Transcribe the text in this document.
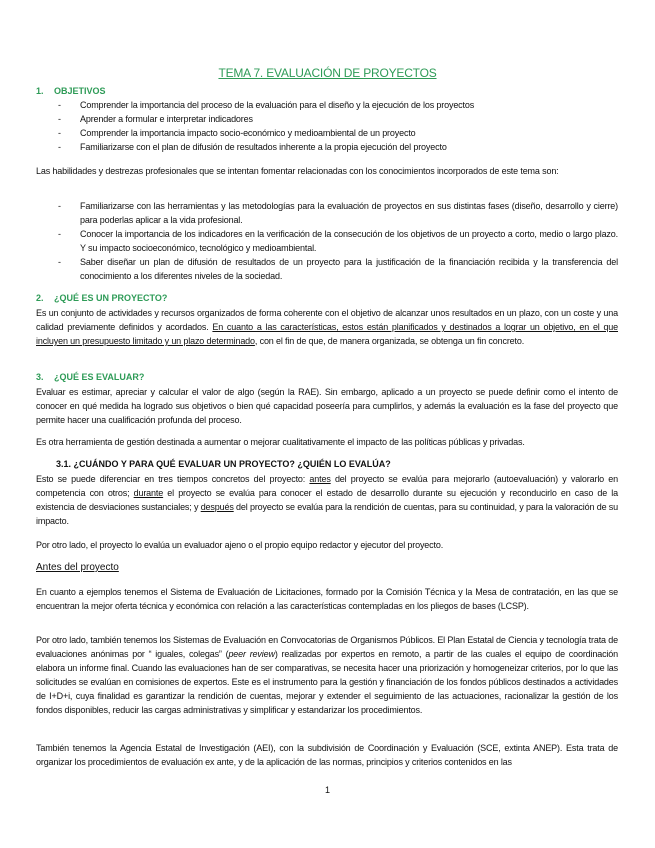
TEMA 7. EVALUACIÓN DE PROYECTOS
1. OBJETIVOS
- Comprender la importancia del proceso de la evaluación para el diseño y la ejecución de los proyectos
- Aprender a formular e interpretar indicadores
- Comprender la importancia impacto socio-económico y medioambiental de un proyecto
- Familiarizarse con el plan de difusión de resultados inherente a la propia ejecución del proyecto
Las habilidades y destrezas profesionales que se intentan fomentar relacionadas con los conocimientos incorporados de este tema son:
- Familiarizarse con las herramientas y las metodologías para la evaluación de proyectos en sus distintas fases (diseño, desarrollo y cierre) para poderlas aplicar a la vida profesional.
- Conocer la importancia de los indicadores en la verificación de la consecución de los objetivos de un proyecto a corto, medio o largo plazo. Y su impacto socioeconómico, tecnológico y medioambiental.
- Saber diseñar un plan de difusión de resultados de un proyecto para la justificación de la financiación recibida y la transferencia del conocimiento a los diferentes niveles de la sociedad.
2. ¿QUÉ ES UN PROYECTO?
Es un conjunto de actividades y recursos organizados de forma coherente con el objetivo de alcanzar unos resultados en un plazo, con un coste y una calidad previamente definidos y acordados. En cuanto a las características, estos están planificados y destinados a lograr un objetivo, en el que incluyen un presupuesto limitado y un plazo determinado, con el fin de que, de manera organizada, se obtenga un fin concreto.
3. ¿QUÉ ES EVALUAR?
Evaluar es estimar, apreciar y calcular el valor de algo (según la RAE). Sin embargo, aplicado a un proyecto se puede definir como el intento de conocer en qué medida ha logrado sus objetivos o bien qué capacidad poseería para cumplirlos, y además la evaluación es la fase del proyecto que permite hacer una cualificación profunda del proceso.
Es otra herramienta de gestión destinada a aumentar o mejorar cualitativamente el impacto de las políticas públicas y privadas.
3.1. ¿CUÁNDO Y PARA QUÉ EVALUAR UN PROYECTO? ¿QUIÉN LO EVALÚA?
Esto se puede diferenciar en tres tiempos concretos del proyecto: antes del proyecto se evalúa para mejorarlo (autoevaluación) y valorarlo en competencia con otros; durante el proyecto se evalúa para conocer el estado de desarrollo durante su ejecución y reconducirlo en caso de la existencia de desviaciones sustanciales; y después del proyecto se evalúa para la rendición de cuentas, para su continuidad, y para la valoración de su impacto.
Por otro lado, el proyecto lo evalúa un evaluador ajeno o el propio equipo redactor y ejecutor del proyecto.
Antes del proyecto
En cuanto a ejemplos tenemos el Sistema de Evaluación de Licitaciones, formado por la Comisión Técnica y la Mesa de contratación, en las que se encuentran la mejor oferta técnica y económica con relación a las características contempladas en los pliegos de bases (LCSP).
Por otro lado, también tenemos los Sistemas de Evaluación en Convocatorias de Organismos Públicos. El Plan Estatal de Ciencia y tecnología trata de evaluaciones anónimas por “ iguales, colegas” (peer review) realizadas por expertos en remoto, a partir de las cuales el equipo de coordinación elabora un informe final. Cuando las evaluaciones han de ser comparativas, se necesita hacer una priorización y homogeneizar criterios, por lo que las solicitudes se evalúan en comisiones de expertos. Este es el instrumento para la gestión y financiación de los fondos públicos destinados a actividades de I+D+i, cuya finalidad es garantizar la rendición de cuentas, mejorar y extender el seguimiento de las actuaciones, racionalizar la gestión de los fondos disponibles, reducir las cargas administrativas y simplificar y estandarizar los procedimientos.
También tenemos la Agencia Estatal de Investigación (AEI), con la subdivisión de Coordinación y Evaluación (SCE, extinta ANEP). Esta trata de organizar los procedimientos de evaluación ex ante, y de la aplicación de las normas, principios y criterios contenidos en las
1
